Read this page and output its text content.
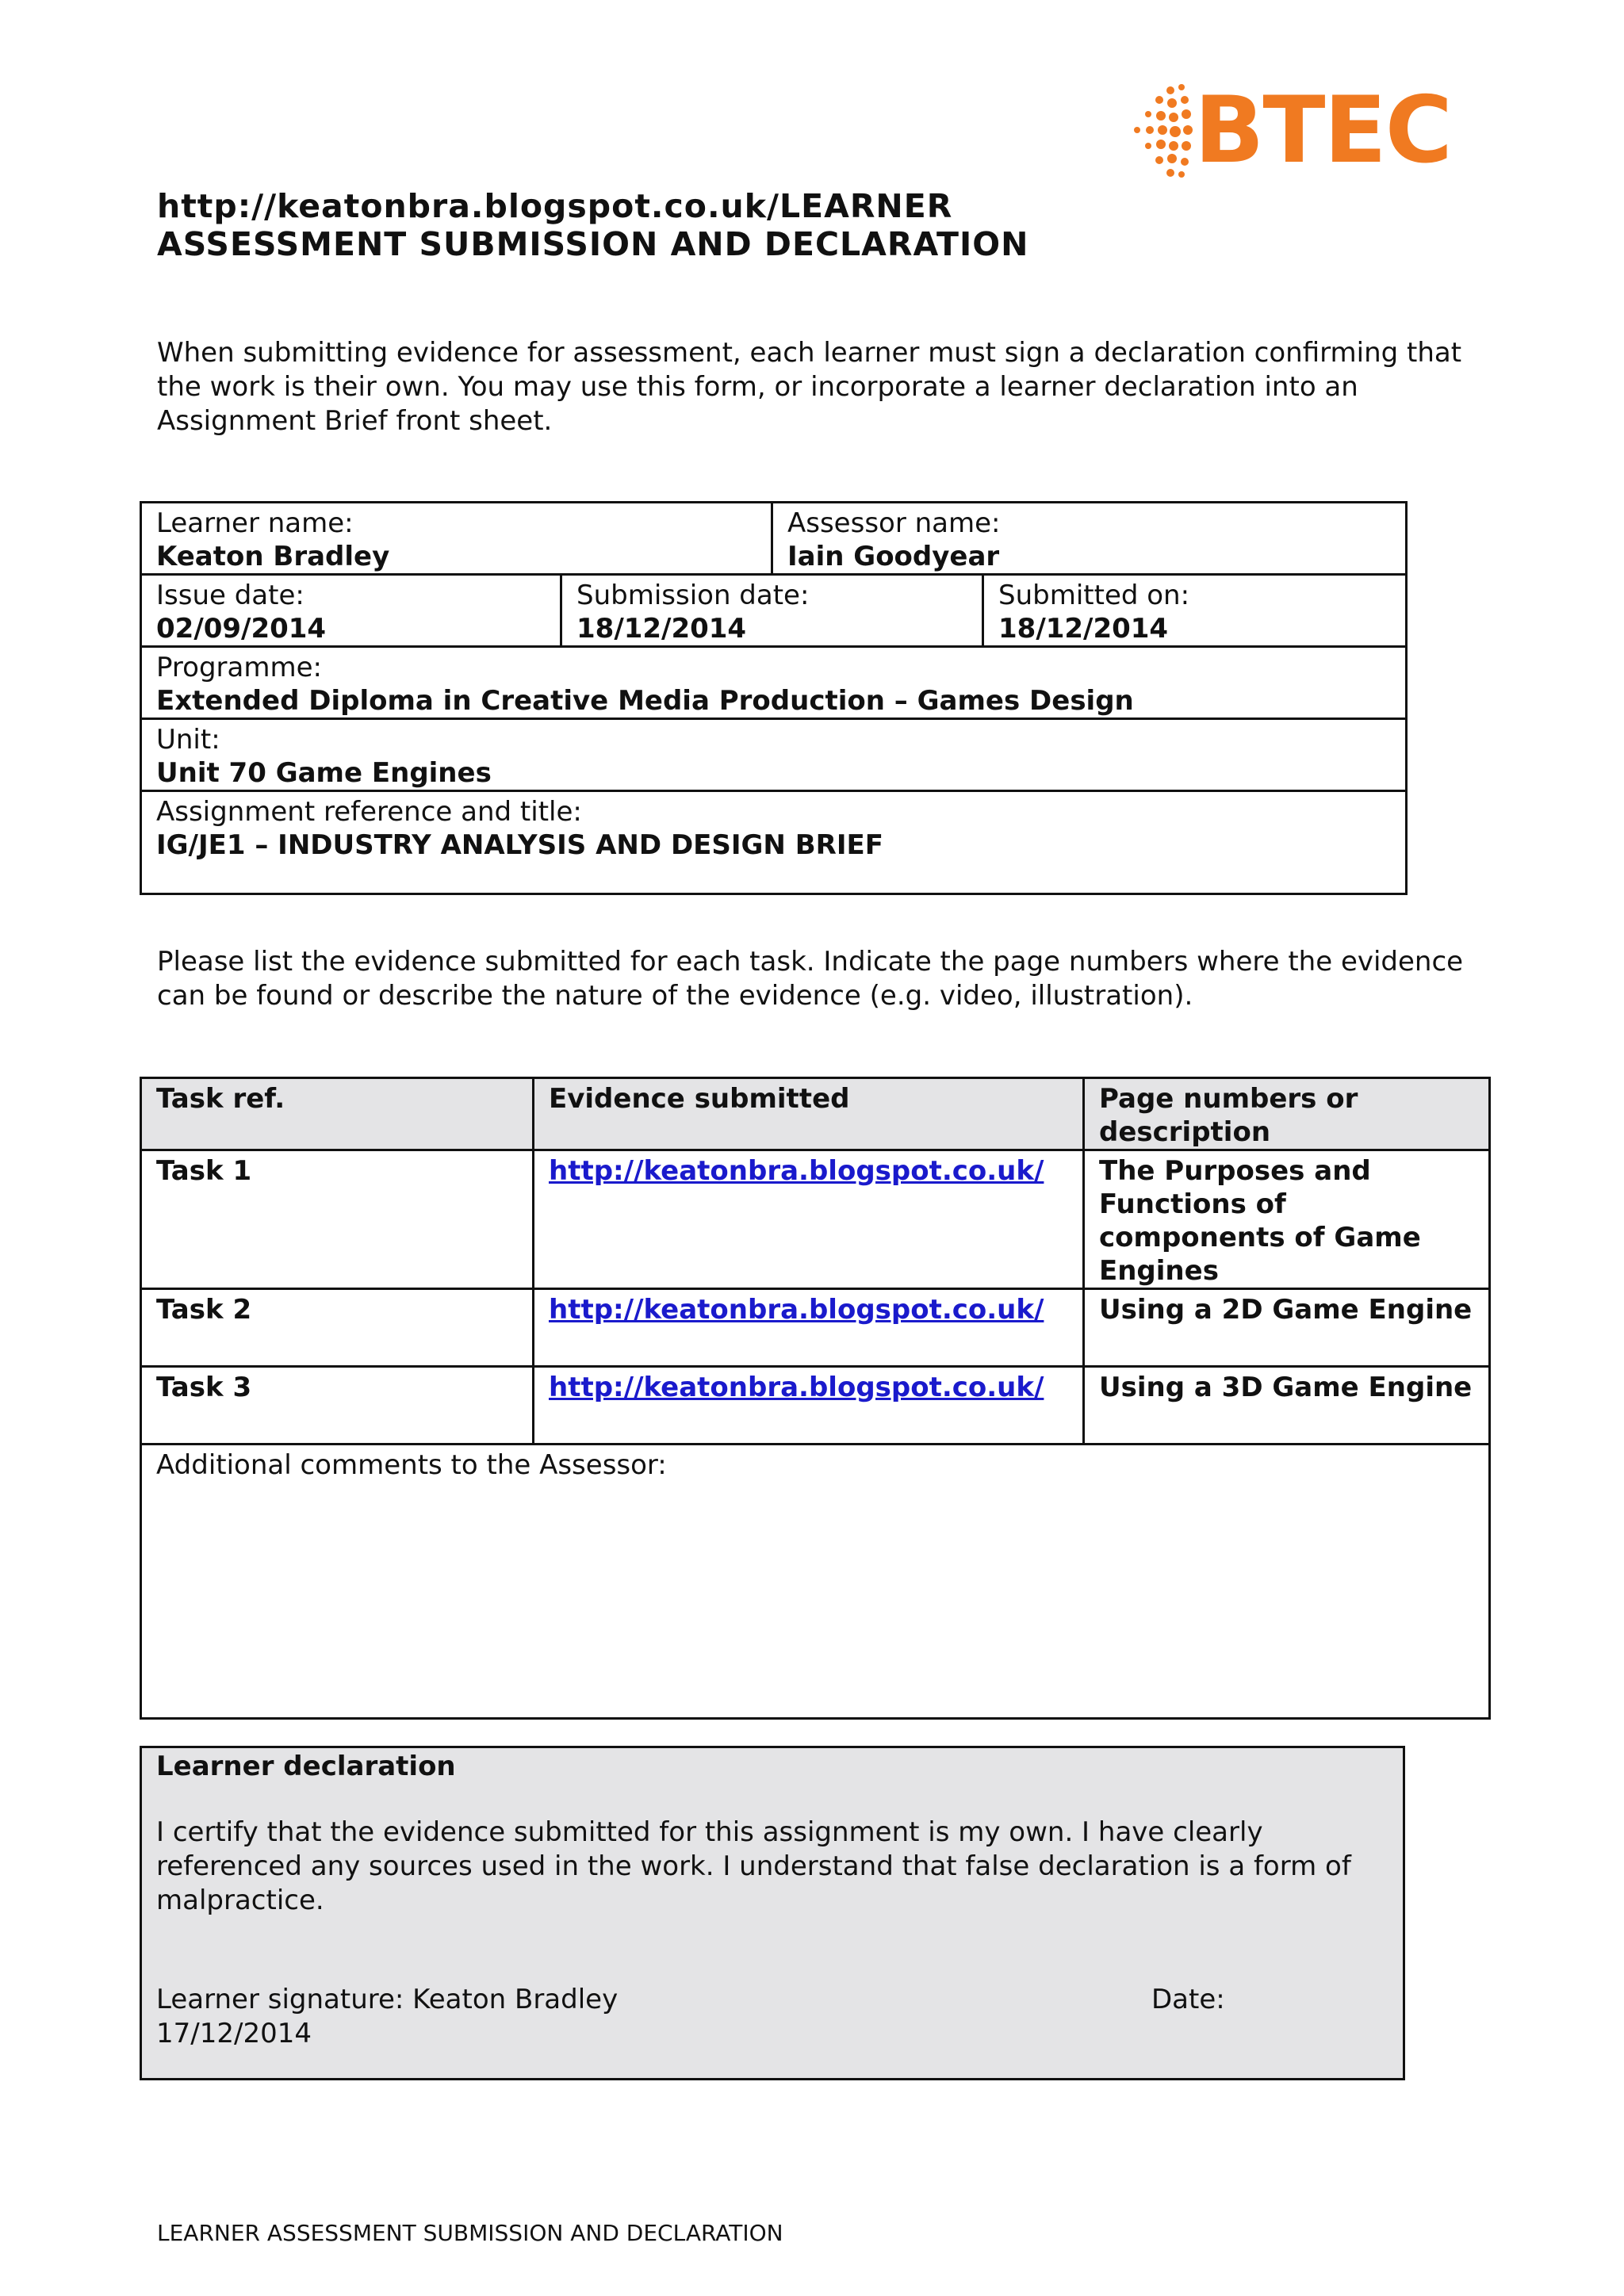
BTEC
http://keatonbra.blogspot.co.uk/LEARNER
ASSESSMENT SUBMISSION AND DECLARATION
When submitting evidence for assessment, each learner must sign a declaration confirming that the work is their own. You may use this form, or incorporate a learner declaration into an Assignment Brief front sheet.
Learner name:
Keaton Bradley		Assessor name:
Iain Goodyear	

Issue date:
02/09/2014	Submission date:
18/12/2014		Submitted on:
18/12/2014

Programme:
Extended Diploma in Creative Media Production – Games Design			

Unit:
Unit 70 Game Engines			

Assignment reference and title:
IG/JE1 – INDUSTRY ANALYSIS AND DESIGN BRIEF			
Please list the evidence submitted for each task. Indicate the page numbers where the evidence can be found or describe the nature of the evidence (e.g. video, illustration).
Task ref.	Evidence submitted	Page numbers or description
Task 1	http://keatonbra.blogspot.co.uk/	The Purposes and Functions of components of Game Engines
Task 2	http://keatonbra.blogspot.co.uk/	Using a 2D Game Engine
Task 3	http://keatonbra.blogspot.co.uk/	Using a 3D Game Engine
Additional comments to the Assessor:		
Learner declaration
I certify that the evidence submitted for this assignment is my own. I have clearly referenced any sources used in the work. I understand that false declaration is a form of malpractice.
Learner signature: Keaton Bradley	Date:
17/12/2014
LEARNER ASSESSMENT SUBMISSION AND DECLARATION
